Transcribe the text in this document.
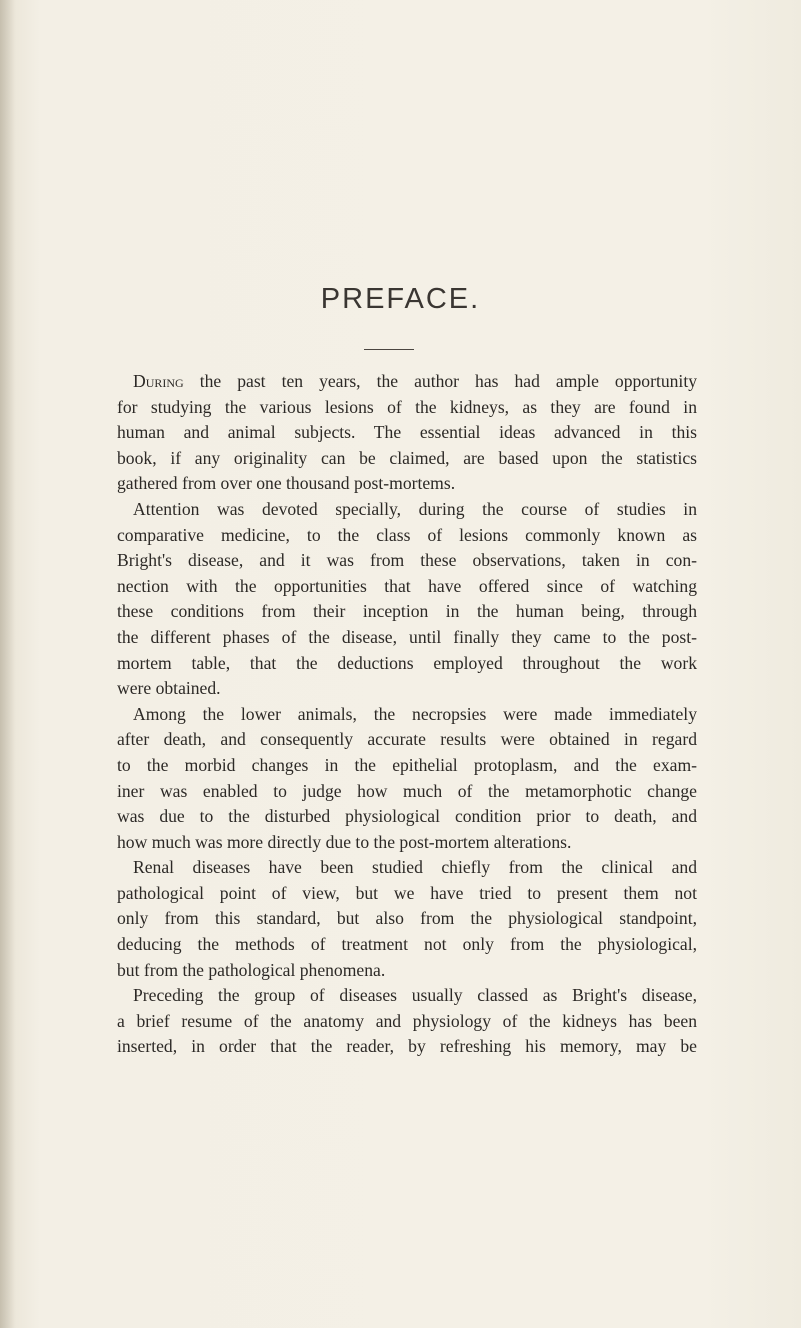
PREFACE.
During the past ten years, the author has had ample opportunity
for studying the various lesions of the kidneys, as they are found in
human and animal subjects. The essential ideas advanced in this
book, if any originality can be claimed, are based upon the statistics
gathered from over one thousand post-mortems.
Attention was devoted specially, during the course of studies in
comparative medicine, to the class of lesions commonly known as
Bright's disease, and it was from these observations, taken in con-
nection with the opportunities that have offered since of watching
these conditions from their inception in the human being, through
the different phases of the disease, until finally they came to the post-
mortem table, that the deductions employed throughout the work
were obtained.
Among the lower animals, the necropsies were made immediately
after death, and consequently accurate results were obtained in regard
to the morbid changes in the epithelial protoplasm, and the exam-
iner was enabled to judge how much of the metamorphotic change
was due to the disturbed physiological condition prior to death, and
how much was more directly due to the post-mortem alterations.
Renal diseases have been studied chiefly from the clinical and
pathological point of view, but we have tried to present them not
only from this standard, but also from the physiological standpoint,
deducing the methods of treatment not only from the physiological,
but from the pathological phenomena.
Preceding the group of diseases usually classed as Bright's disease,
a brief resume of the anatomy and physiology of the kidneys has been
inserted, in order that the reader, by refreshing his memory, may be
